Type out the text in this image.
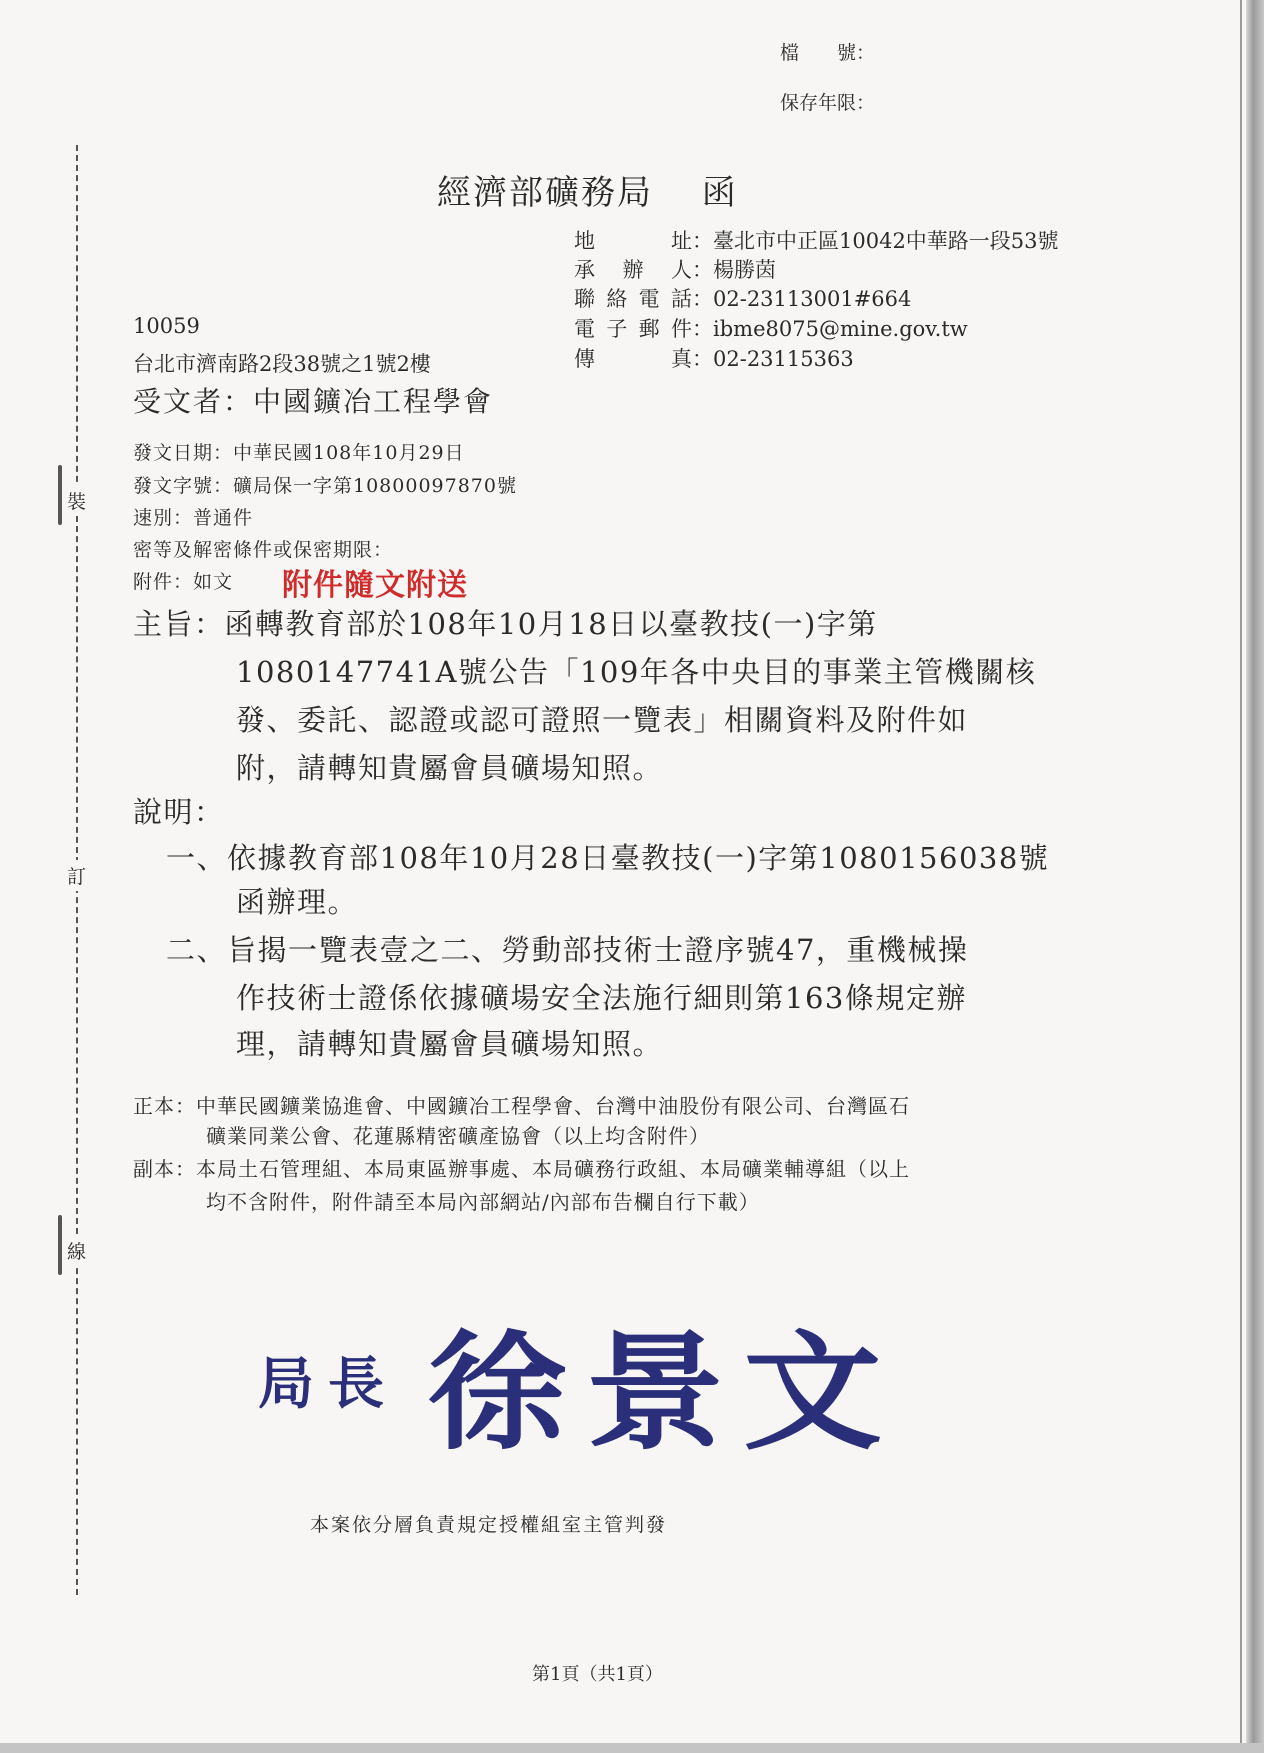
裝
訂
線
檔　　號：
保存年限：
經濟部礦務局　 函
地　　址：臺北市中正區10042中華路一段53號
承 辦 人：楊勝茵
聯絡電話：02-23113001#664
電子郵件：ibme8075@mine.gov.tw
傳　　真：02-23115363
10059
台北市濟南路2段38號之1號2樓
受文者：中國鑛冶工程學會
發文日期：中華民國108年10月29日
發文字號：礦局保一字第10800097870號
速別：普通件
密等及解密條件或保密期限：
附件：如文 附件隨文附送
主旨：函轉教育部於108年10月18日以臺教技(一)字第
1080147741A號公告「109年各中央目的事業主管機關核
發、委託、認證或認可證照一覽表」相關資料及附件如
附，請轉知貴屬會員礦場知照。
說明：
一、依據教育部108年10月28日臺教技(一)字第1080156038號
函辦理。
二、旨揭一覽表壹之二、勞動部技術士證序號47，重機械操
作技術士證係依據礦場安全法施行細則第163條規定辦
理，請轉知貴屬會員礦場知照。
正本：中華民國鑛業協進會、中國鑛冶工程學會、台灣中油股份有限公司、台灣區石
礦業同業公會、花蓮縣精密礦產協會（以上均含附件）
副本：本局土石管理組、本局東區辦事處、本局礦務行政組、本局礦業輔導組（以上
均不含附件，附件請至本局內部網站/內部布告欄自行下載）
局長 徐景文
本案依分層負責規定授權組室主管判發
第1頁（共1頁）
